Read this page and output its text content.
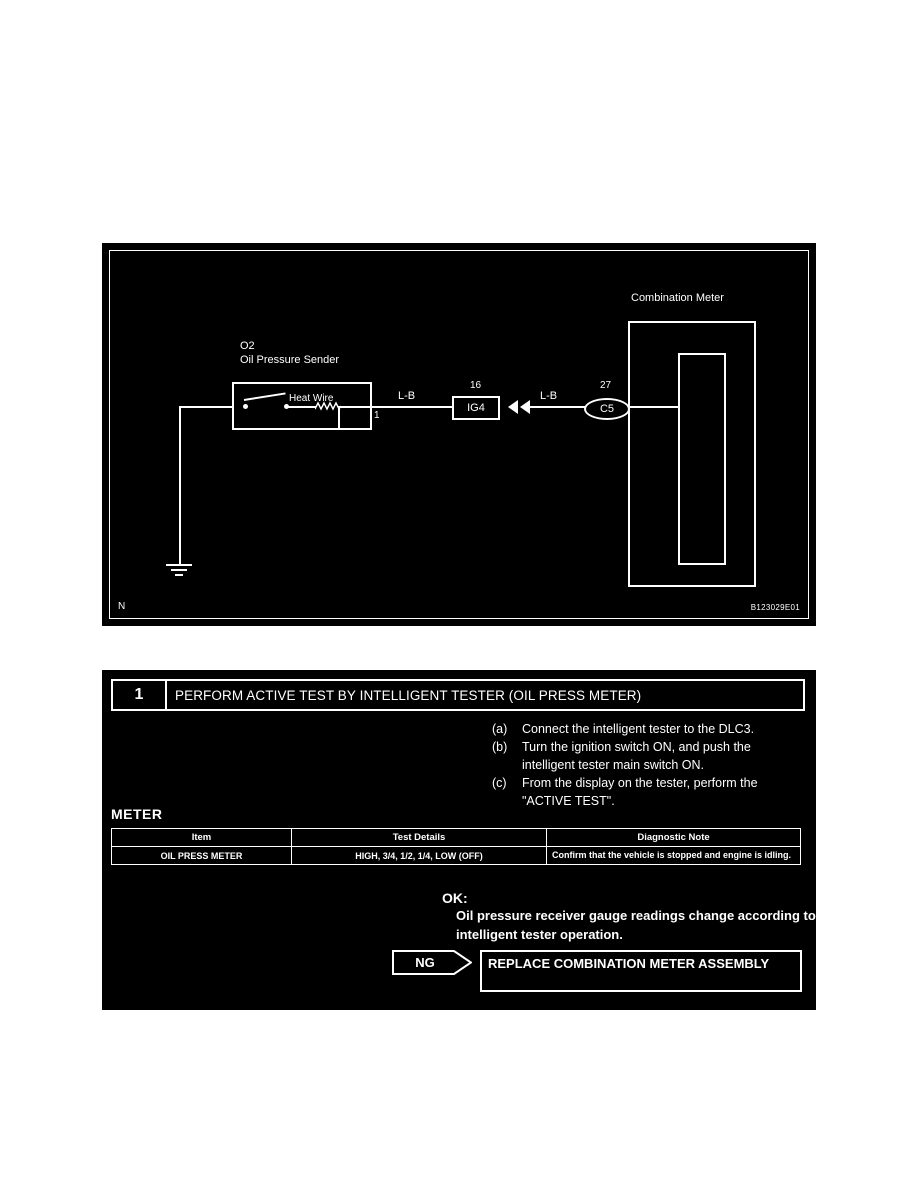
Combination Meter
O2
Oil Pressure Sender
Heat Wire
1
L-B
16
IG4
L-B
27
C5
N	B123029E01
1	PERFORM ACTIVE TEST BY INTELLIGENT TESTER (OIL PRESS METER)
(a)	Connect the intelligent tester to the DLC3.
(b)	Turn the ignition switch ON, and push the intelligent tester main switch ON.
(c)	From the display on the tester, perform the "ACTIVE TEST".
METER
Item	Test Details	Diagnostic Note
OIL PRESS METER	HIGH, 3/4, 1/2, 1/4, LOW (OFF)	Confirm that the vehicle is stopped and engine is idling.
OK:
Oil pressure receiver gauge readings change according to intelligent tester operation.
NG	REPLACE COMBINATION METER ASSEMBLY
